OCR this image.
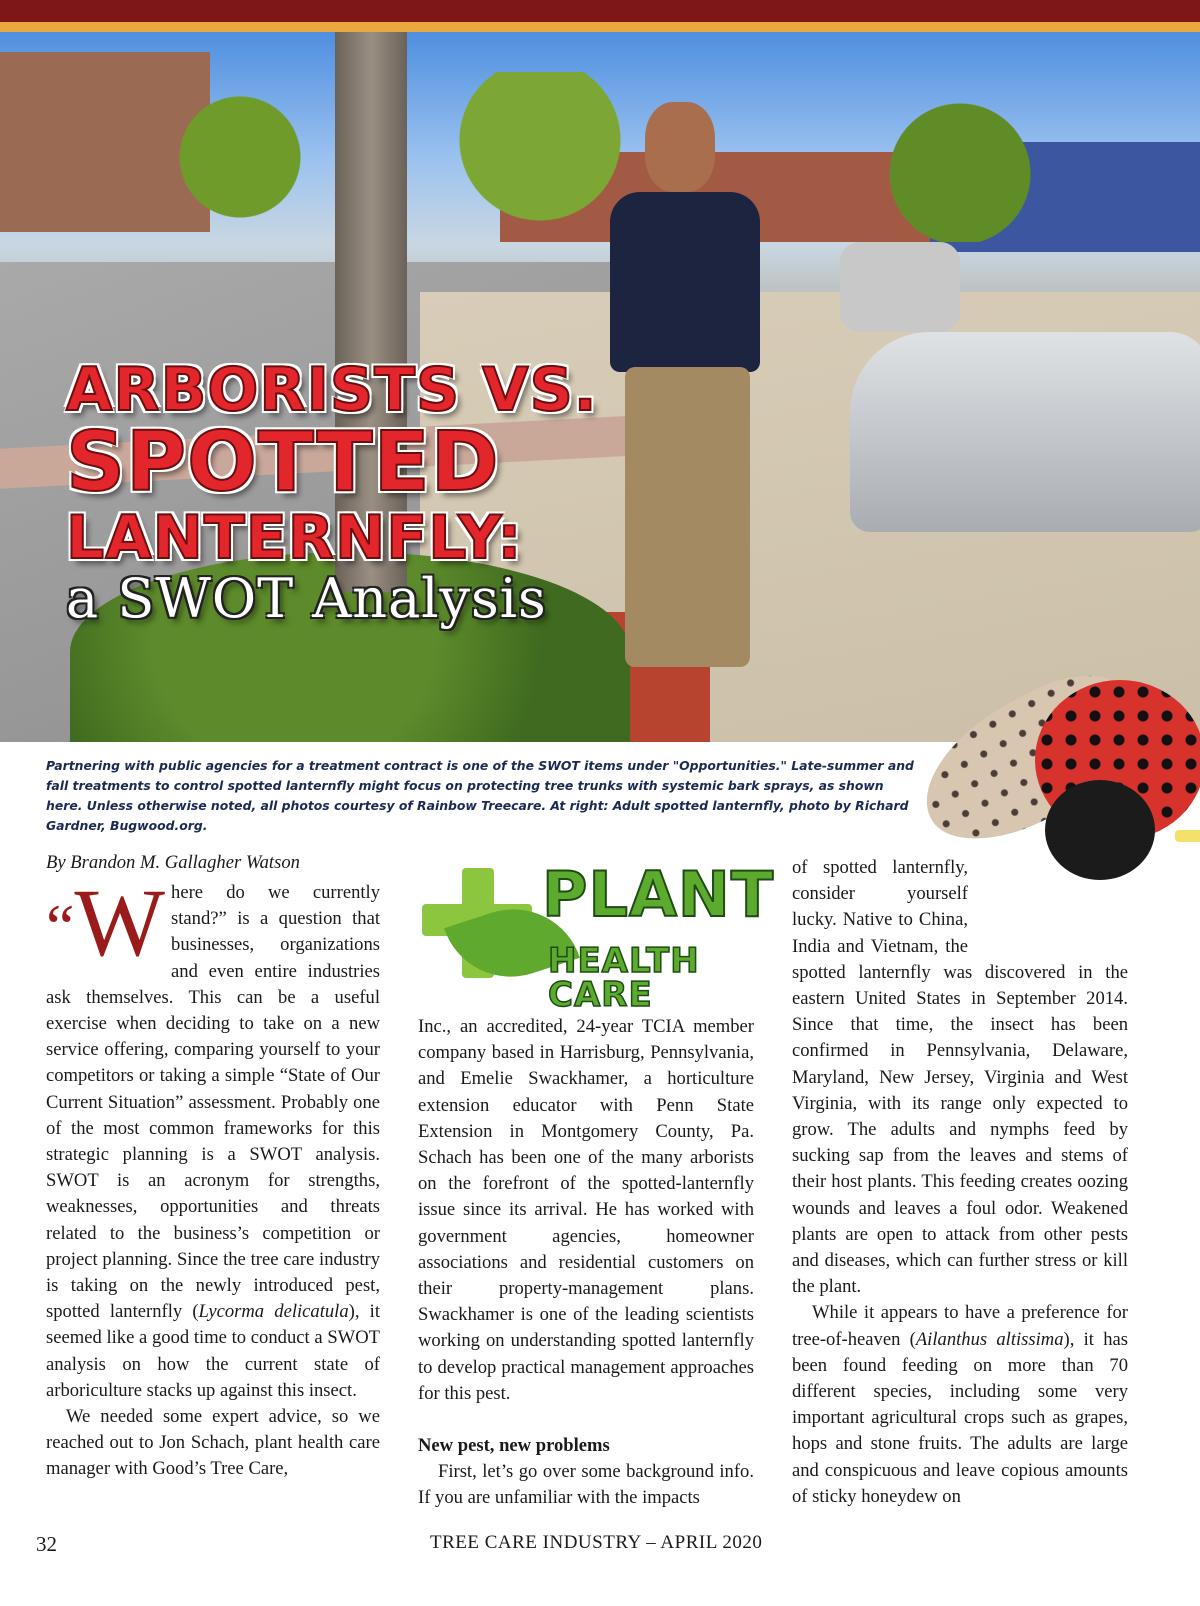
ARBORISTS VS.

SPOTTED

LANTERNFLY:

a SWOT Analysis

Partnering with public agencies for a treatment contract is one of the SWOT items under "Opportunities." Late-summer and fall treatments to control spotted lanternfly might focus on protecting tree trunks with systemic bark sprays, as shown here. Unless otherwise noted, all photos courtesy of Rainbow Treecare. At right: Adult spotted lanternfly, photo by Richard Gardner, Bugwood.org.

By Brandon M. Gallagher Watson	PLANT
HEALTH CARE

“W here do we currently stand?” is a question that businesses, organizations and even entire industries ask themselves. This can be a useful exercise when deciding to take on a new service offering, comparing yourself to your competitors or taking a simple “State of Our Current Situation” assessment. Probably one of the most common frameworks for this strategic planning is a SWOT analysis. SWOT is an acronym for strengths, weaknesses, opportunities and threats related to the business’s competition or project planning. Since the tree care industry is taking on the newly introduced pest, spotted lanternfly (Lycorma delicatula), it seemed like a good time to conduct a SWOT analysis on how the current state of arboriculture stacks up against this insect.

We needed some expert advice, so we reached out to Jon Schach, plant health care manager with Good’s Tree Care,

Inc., an accredited, 24-year TCIA member company based in Harrisburg, Pennsylvania, and Emelie Swackhamer, a horticulture extension educator with Penn State Extension in Montgomery County, Pa. Schach has been one of the many arborists on the forefront of the spotted-lanternfly issue since its arrival. He has worked with government agencies, homeowner associations and residential customers on their property-management plans. Swackhamer is one of the leading scientists working on understanding spotted lanternfly to develop practical management approaches for this pest.

New pest, new problems

First, let’s go over some background info. If you are unfamiliar with the impacts

of spotted lanternfly, consider yourself lucky. Native to China, India and Vietnam, the spotted lanternfly was discovered in the eastern United States in September 2014. Since that time, the insect has been confirmed in Pennsylvania, Delaware, Maryland, New Jersey, Virginia and West Virginia, with its range only expected to grow. The adults and nymphs feed by sucking sap from the leaves and stems of their host plants. This feeding creates oozing wounds and leaves a foul odor. Weakened plants are open to attack from other pests and diseases, which can further stress or kill the plant.

While it appears to have a preference for tree-of-heaven (Ailanthus altissima), it has been found feeding on more than 70 different species, including some very important agricultural crops such as grapes, hops and stone fruits. The adults are large and conspicuous and leave copious amounts of sticky honeydew on

32	TREE CARE INDUSTRY – APRIL 2020
